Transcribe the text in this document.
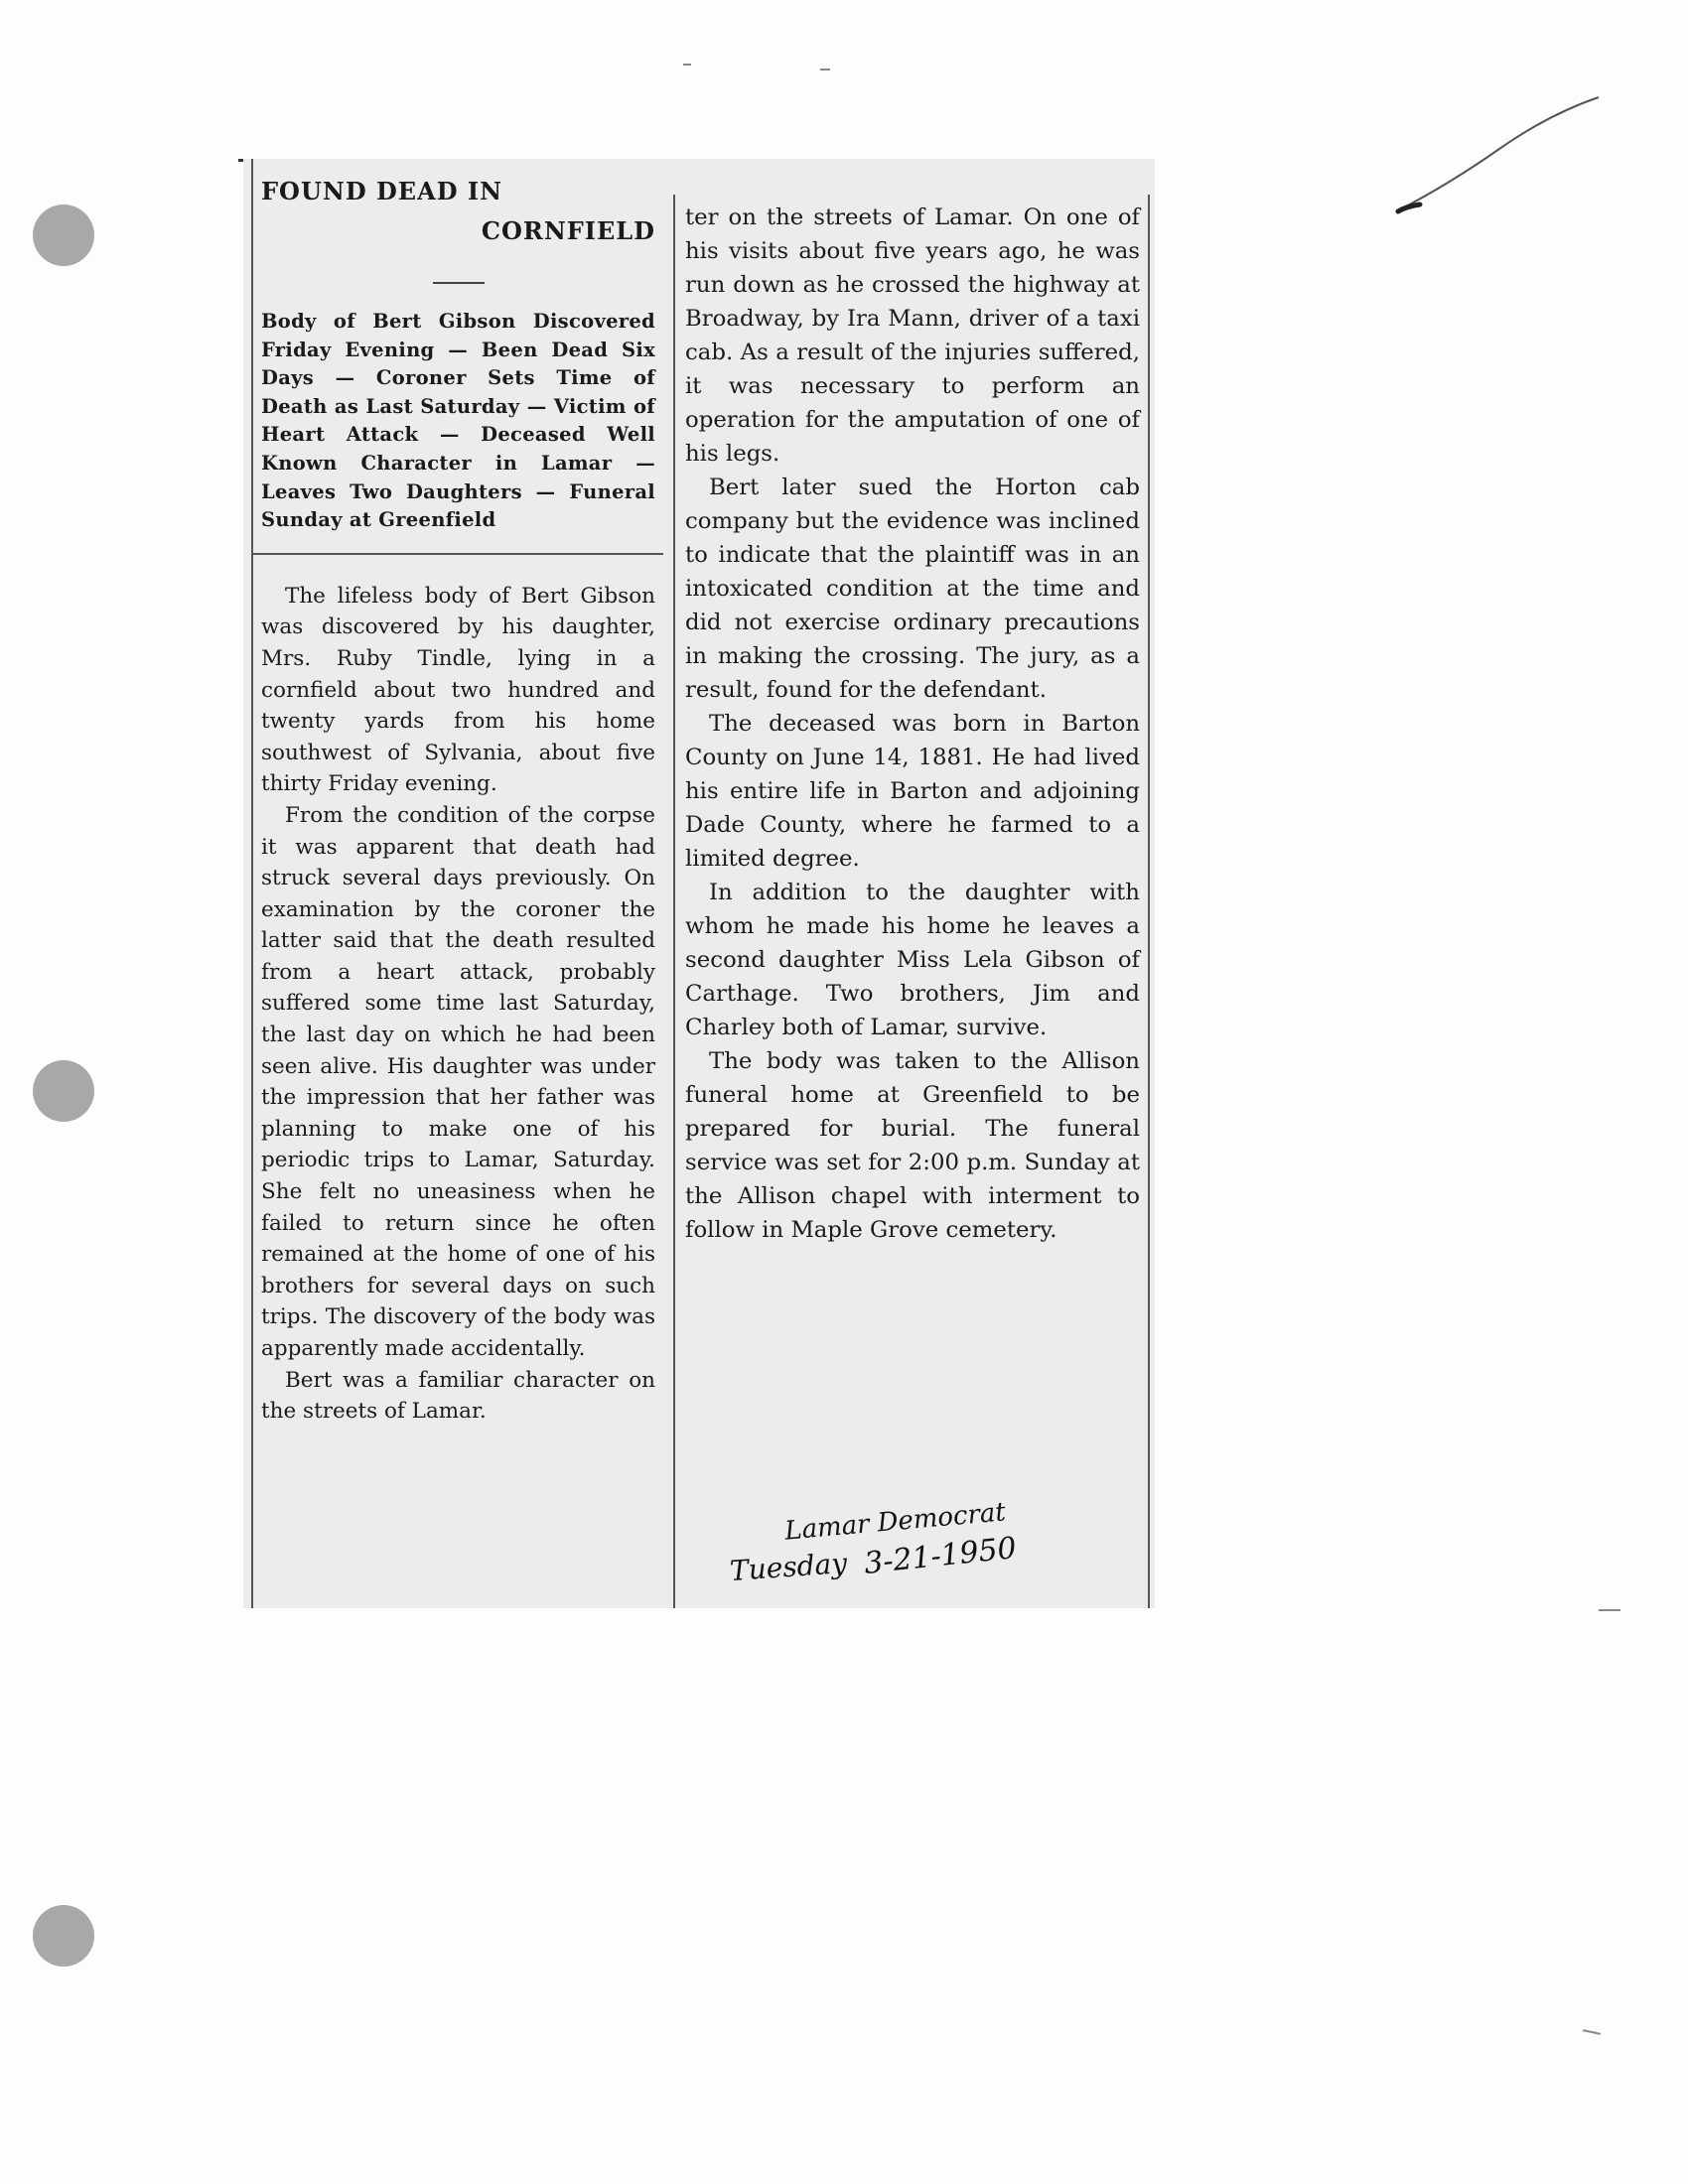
FOUND DEAD IN
CORNFIELD
Body of Bert Gibson Discovered Friday Evening — Been Dead Six Days — Coroner Sets Time of Death as Last Saturday — Victim of Heart Attack — Deceased Well Known Character in Lamar — Leaves Two Daughters — Funeral Sunday at Greenfield

The lifeless body of Bert Gibson was discovered by his daughter, Mrs. Ruby Tindle, lying in a cornfield about two hundred and twenty yards from his home southwest of Sylvania, about five thirty Friday evening.

From the condition of the corpse it was apparent that death had struck several days previously. On examination by the coroner the latter said that the death resulted from a heart attack, probably suffered some time last Saturday, the last day on which he had been seen alive. His daughter was under the impression that her father was planning to make one of his periodic trips to Lamar, Saturday. She felt no uneasiness when he failed to return since he often remained at the home of one of his brothers for several days on such trips. The discovery of the body was apparently made accidentally.

Bert was a familiar character on the streets of Lamar.

ter on the streets of Lamar. On one of his visits about five years ago, he was run down as he crossed the highway at Broadway, by Ira Mann, driver of a taxi cab. As a result of the injuries suffered, it was necessary to perform an operation for the amputation of one of his legs.

Bert later sued the Horton cab company but the evidence was inclined to indicate that the plaintiff was in an intoxicated condition at the time and did not exercise ordinary precautions in making the crossing. The jury, as a result, found for the defendant.

The deceased was born in Barton County on June 14, 1881. He had lived his entire life in Barton and adjoining Dade County, where he farmed to a limited degree.

In addition to the daughter with whom he made his home he leaves a second daughter Miss Lela Gibson of Carthage. Two brothers, Jim and Charley both of Lamar, survive.

The body was taken to the Allison funeral home at Greenfield to be prepared for burial. The funeral service was set for 2:00 p.m. Sunday at the Allison chapel with interment to follow in Maple Grove cemetery.

Lamar Democrat
Tuesday 3-21-1950
